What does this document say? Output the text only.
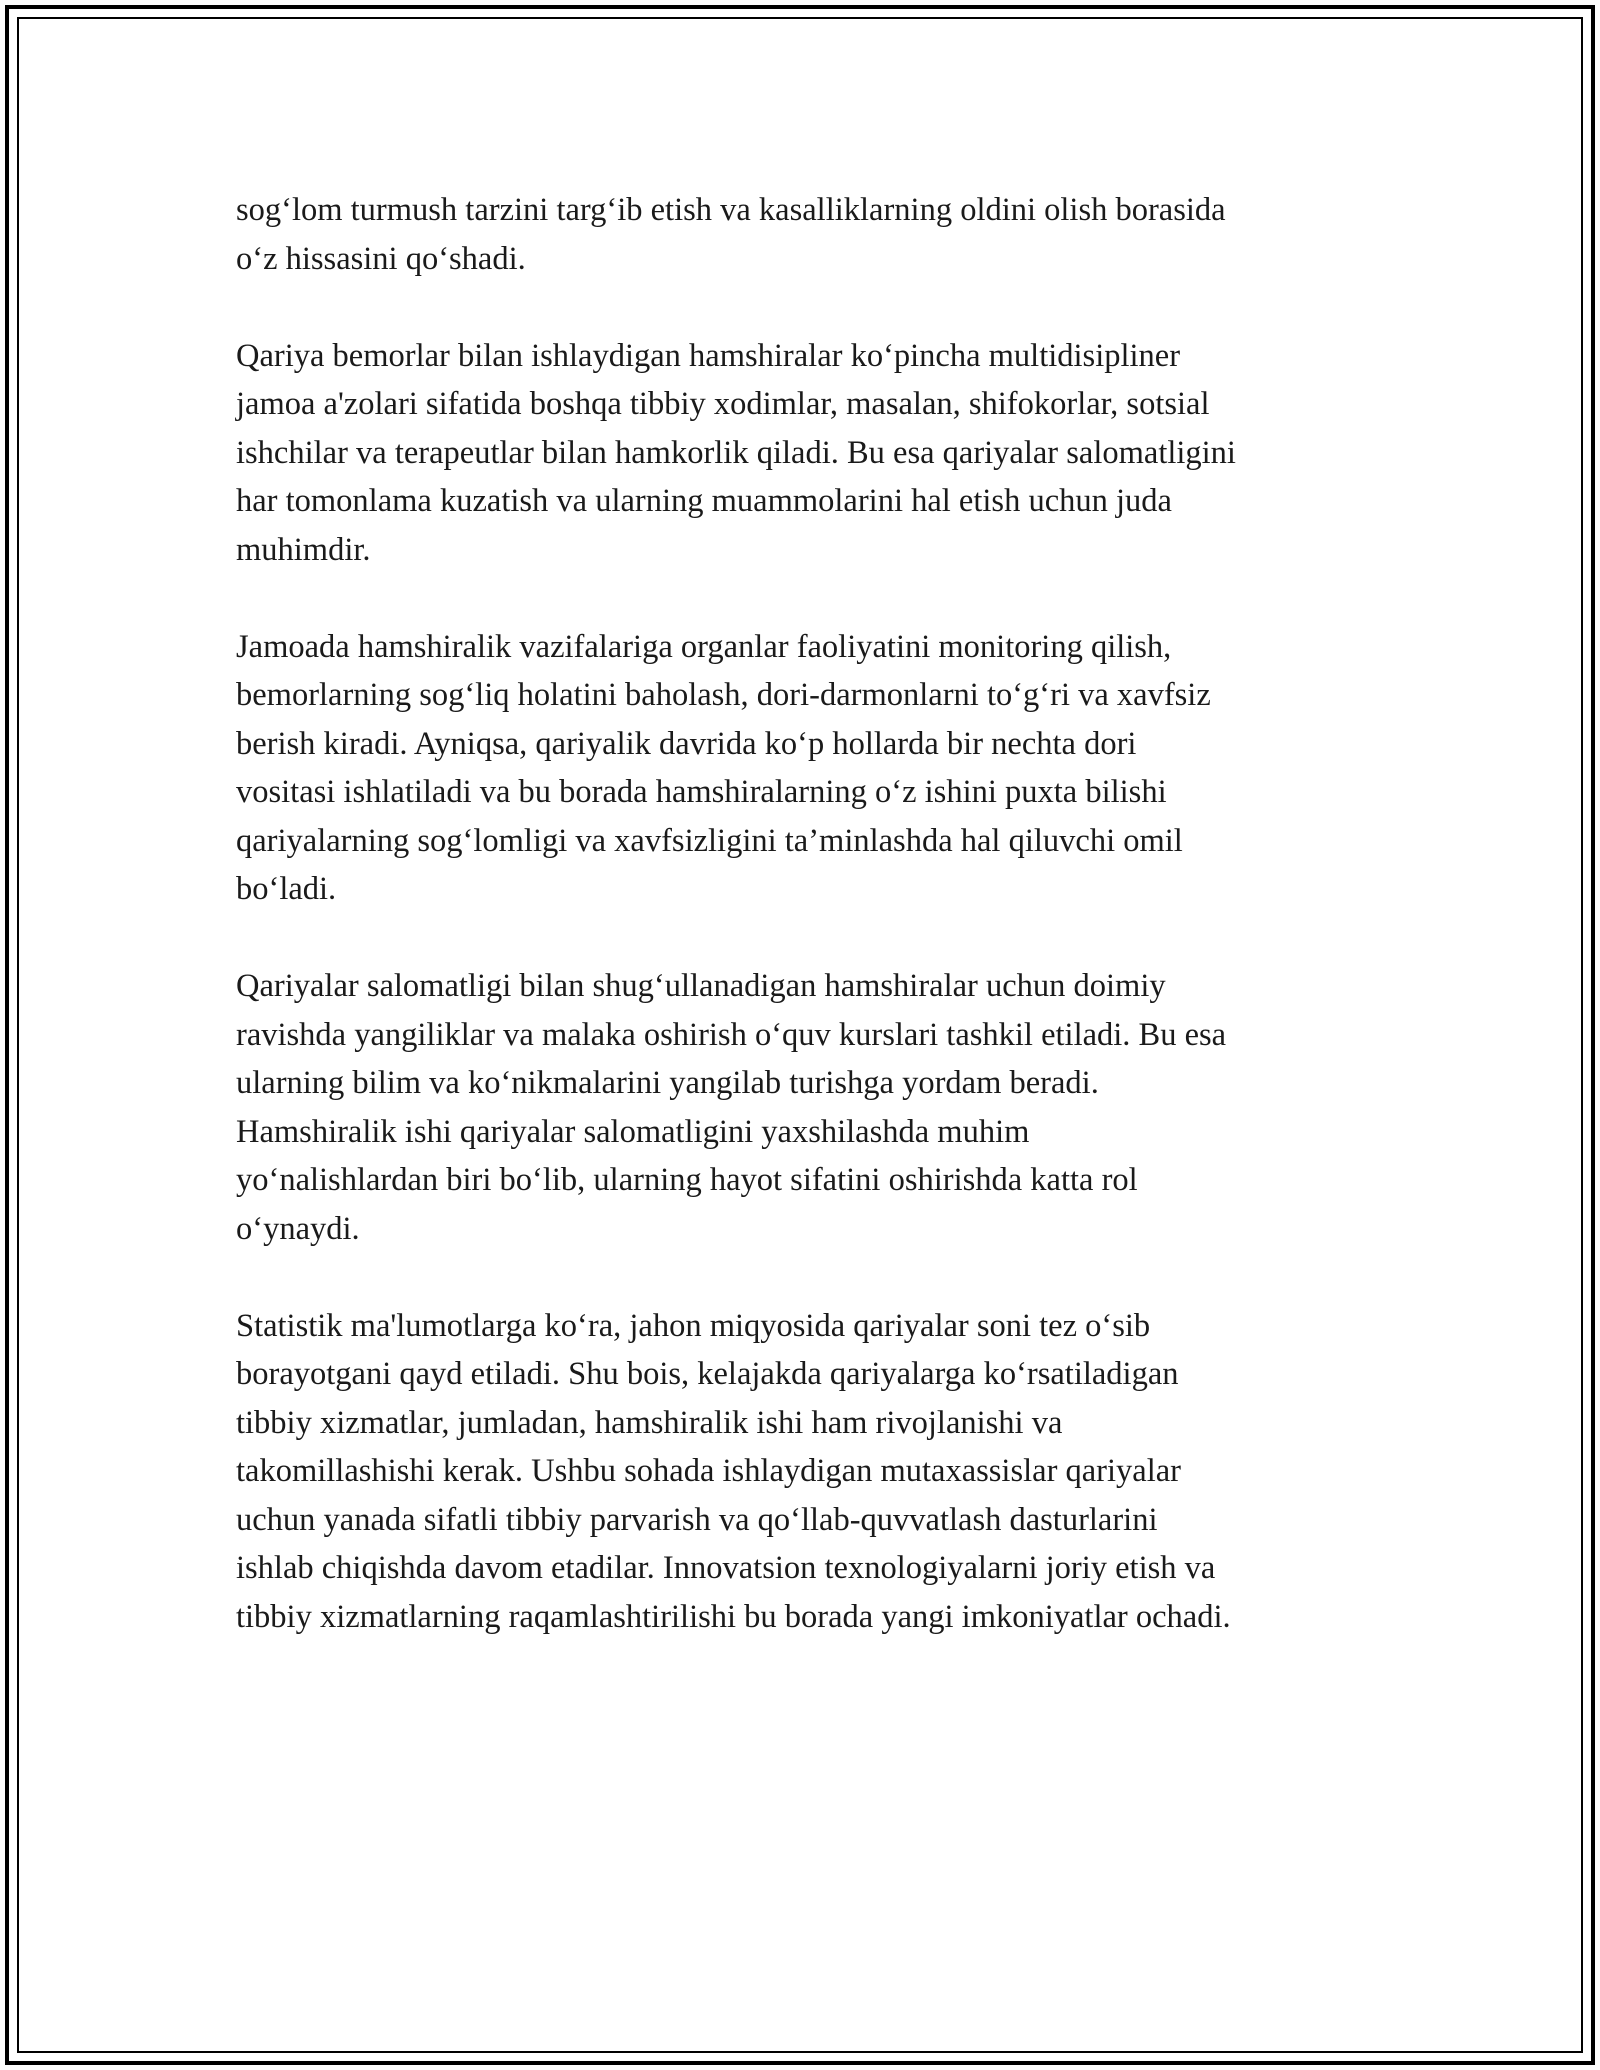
sog‘lom turmush tarzini targ‘ib etish va kasalliklarning oldini olish borasida
o‘z hissasini qo‘shadi.

Qariya bemorlar bilan ishlaydigan hamshiralar ko‘pincha multidisipliner
jamoa a'zolari sifatida boshqa tibbiy xodimlar, masalan, shifokorlar, sotsial
ishchilar va terapeutlar bilan hamkorlik qiladi. Bu esa qariyalar salomatligini
har tomonlama kuzatish va ularning muammolarini hal etish uchun juda
muhimdir.

Jamoada hamshiralik vazifalariga organlar faoliyatini monitoring qilish,
bemorlarning sog‘liq holatini baholash, dori-darmonlarni to‘g‘ri va xavfsiz
berish kiradi. Ayniqsa, qariyalik davrida ko‘p hollarda bir nechta dori
vositasi ishlatiladi va bu borada hamshiralarning o‘z ishini puxta bilishi
qariyalarning sog‘lomligi va xavfsizligini ta’minlashda hal qiluvchi omil
bo‘ladi.

Qariyalar salomatligi bilan shug‘ullanadigan hamshiralar uchun doimiy
ravishda yangiliklar va malaka oshirish o‘quv kurslari tashkil etiladi. Bu esa
ularning bilim va ko‘nikmalarini yangilab turishga yordam beradi.
Hamshiralik ishi qariyalar salomatligini yaxshilashda muhim
yo‘nalishlardan biri bo‘lib, ularning hayot sifatini oshirishda katta rol
o‘ynaydi.

Statistik ma'lumotlarga ko‘ra, jahon miqyosida qariyalar soni tez o‘sib
borayotgani qayd etiladi. Shu bois, kelajakda qariyalarga ko‘rsatiladigan
tibbiy xizmatlar, jumladan, hamshiralik ishi ham rivojlanishi va
takomillashishi kerak. Ushbu sohada ishlaydigan mutaxassislar qariyalar
uchun yanada sifatli tibbiy parvarish va qo‘llab-quvvatlash dasturlarini
ishlab chiqishda davom etadilar. Innovatsion texnologiyalarni joriy etish va
tibbiy xizmatlarning raqamlashtirilishi bu borada yangi imkoniyatlar ochadi.
